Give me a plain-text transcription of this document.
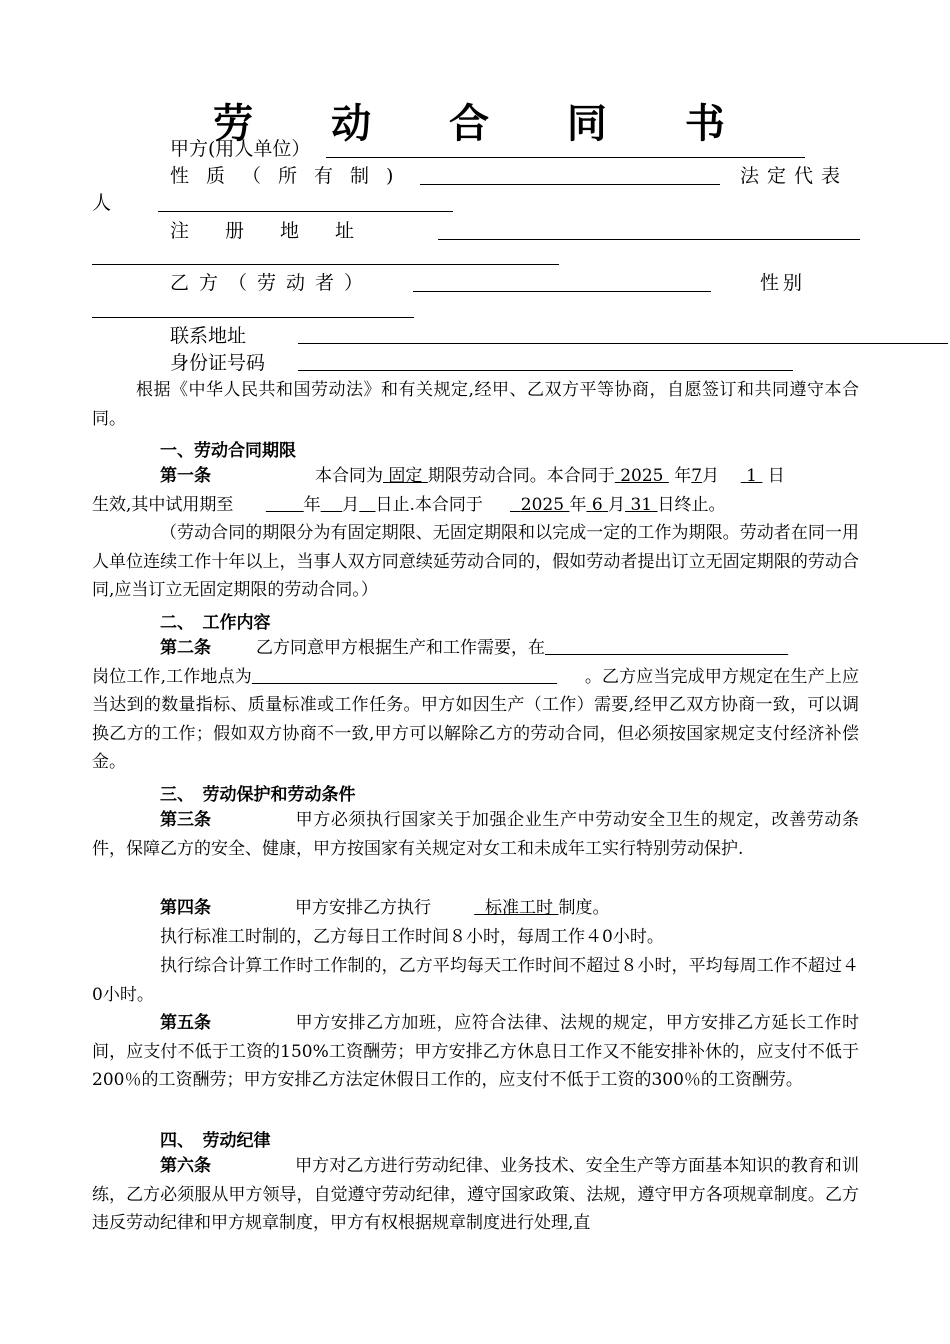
劳 动 合 同 书
甲方(用人单位）
性质（所有制)	法定代表
人
注册地址
乙方（劳动者）	性别
联系地址
身份证号码
根据《中华人民共和国劳动法》和有关规定,经甲、乙双方平等协商，自愿签订和共同遵守本合同。
一、劳动合同期限
第一条	本合同为 固定 期限劳动合同。本合同于 2025 年7月 1 日
生效,其中试用期至	年 月 日止.本合同于 2025 年 6 月 31 日终止。
（劳动合同的期限分为有固定期限、无固定期限和以完成一定的工作为期限。劳动者在同一用人单位连续工作十年以上，当事人双方同意续延劳动合同的，假如劳动者提出订立无固定期限的劳动合同,应当订立无固定期限的劳动合同。）
二、　工作内容
第二条	乙方同意甲方根据生产和工作需要，在
岗位工作,工作地点为	。乙方应当完成甲方规定在生产上应当达到的数量指标、质量标准或工作任务。甲方如因生产（工作）需要,经甲乙双方协商一致，可以调换乙方的工作；假如双方协商不一致,甲方可以解除乙方的劳动合同，但必须按国家规定支付经济补偿金。
三、　劳动保护和劳动条件
第三条	甲方必须执行国家关于加强企业生产中劳动安全卫生的规定，改善劳动条件，保障乙方的安全、健康，甲方按国家有关规定对女工和未成年工实行特别劳动保护.
第四条	甲方安排乙方执行	标准工时 制度。
执行标准工时制的，乙方每日工作时间８小时，每周工作４0小时。
执行综合计算工作时工作制的，乙方平均每天工作时间不超过８小时，平均每周工作不超过４0小时。
第五条	甲方安排乙方加班，应符合法律、法规的规定，甲方安排乙方延长工作时间，应支付不低于工资的150%工资酬劳；甲方安排乙方休息日工作又不能安排补休的，应支付不低于200％的工资酬劳；甲方安排乙方法定休假日工作的，应支付不低于工资的300％的工资酬劳。
四、　劳动纪律
第六条	甲方对乙方进行劳动纪律、业务技术、安全生产等方面基本知识的教育和训练，乙方必须服从甲方领导，自觉遵守劳动纪律，遵守国家政策、法规，遵守甲方各项规章制度。乙方违反劳动纪律和甲方规章制度，甲方有权根据规章制度进行处理,直
